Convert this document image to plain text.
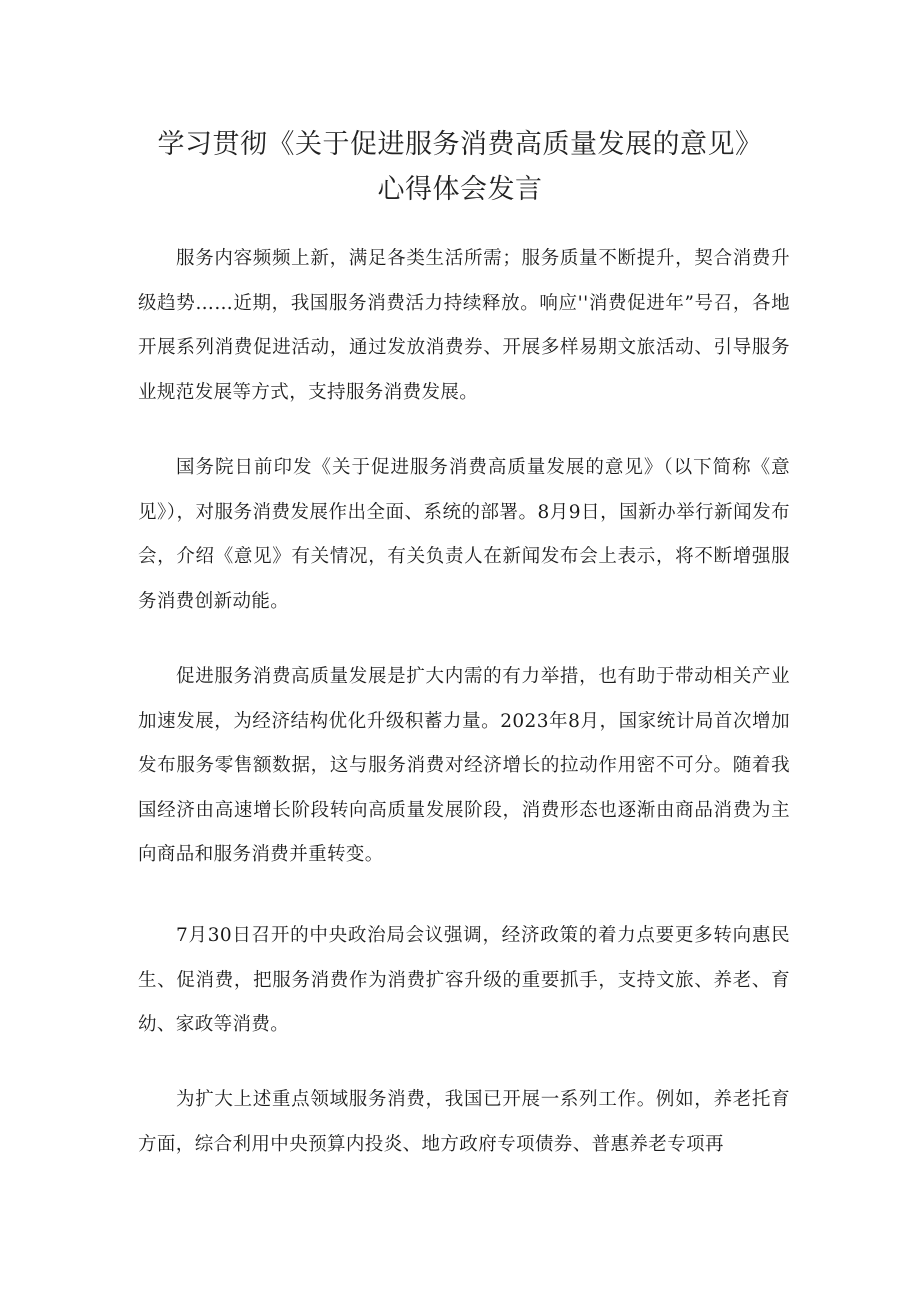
学习贯彻《关于促进服务消费高质量发展的意见》
心得体会发言

服务内容频频上新，满足各类生活所需；服务质量不断提升，契合消费升级趋势……近期，我国服务消费活力持续释放。响应''消费促进年”号召，各地开展系列消费促进活动，通过发放消费券、开展多样易期文旅活动、引导服务业规范发展等方式，支持服务消费发展。

国务院日前印发《关于促进服务消费高质量发展的意见》（以下简称《意见》），对服务消费发展作出全面、系统的部署。8月9日，国新办举行新闻发布会，介绍《意见》有关情况，有关负责人在新闻发布会上表示，将不断增强服务消费创新动能。

促进服务消费高质量发展是扩大内需的有力举措，也有助于带动相关产业加速发展，为经济结构优化升级积蓄力量。2023年8月，国家统计局首次增加发布服务零售额数据，这与服务消费对经济增长的拉动作用密不可分。随着我国经济由高速增长阶段转向高质量发展阶段，消费形态也逐渐由商品消费为主向商品和服务消费并重转变。

7月30日召开的中央政治局会议强调，经济政策的着力点要更多转向惠民生、促消费，把服务消费作为消费扩容升级的重要抓手，支持文旅、养老、育幼、家政等消费。

为扩大上述重点领域服务消费，我国已开展一系列工作。例如，养老托育方面，综合利用中央预算内投炎、地方政府专项债券、普惠养老专项再
